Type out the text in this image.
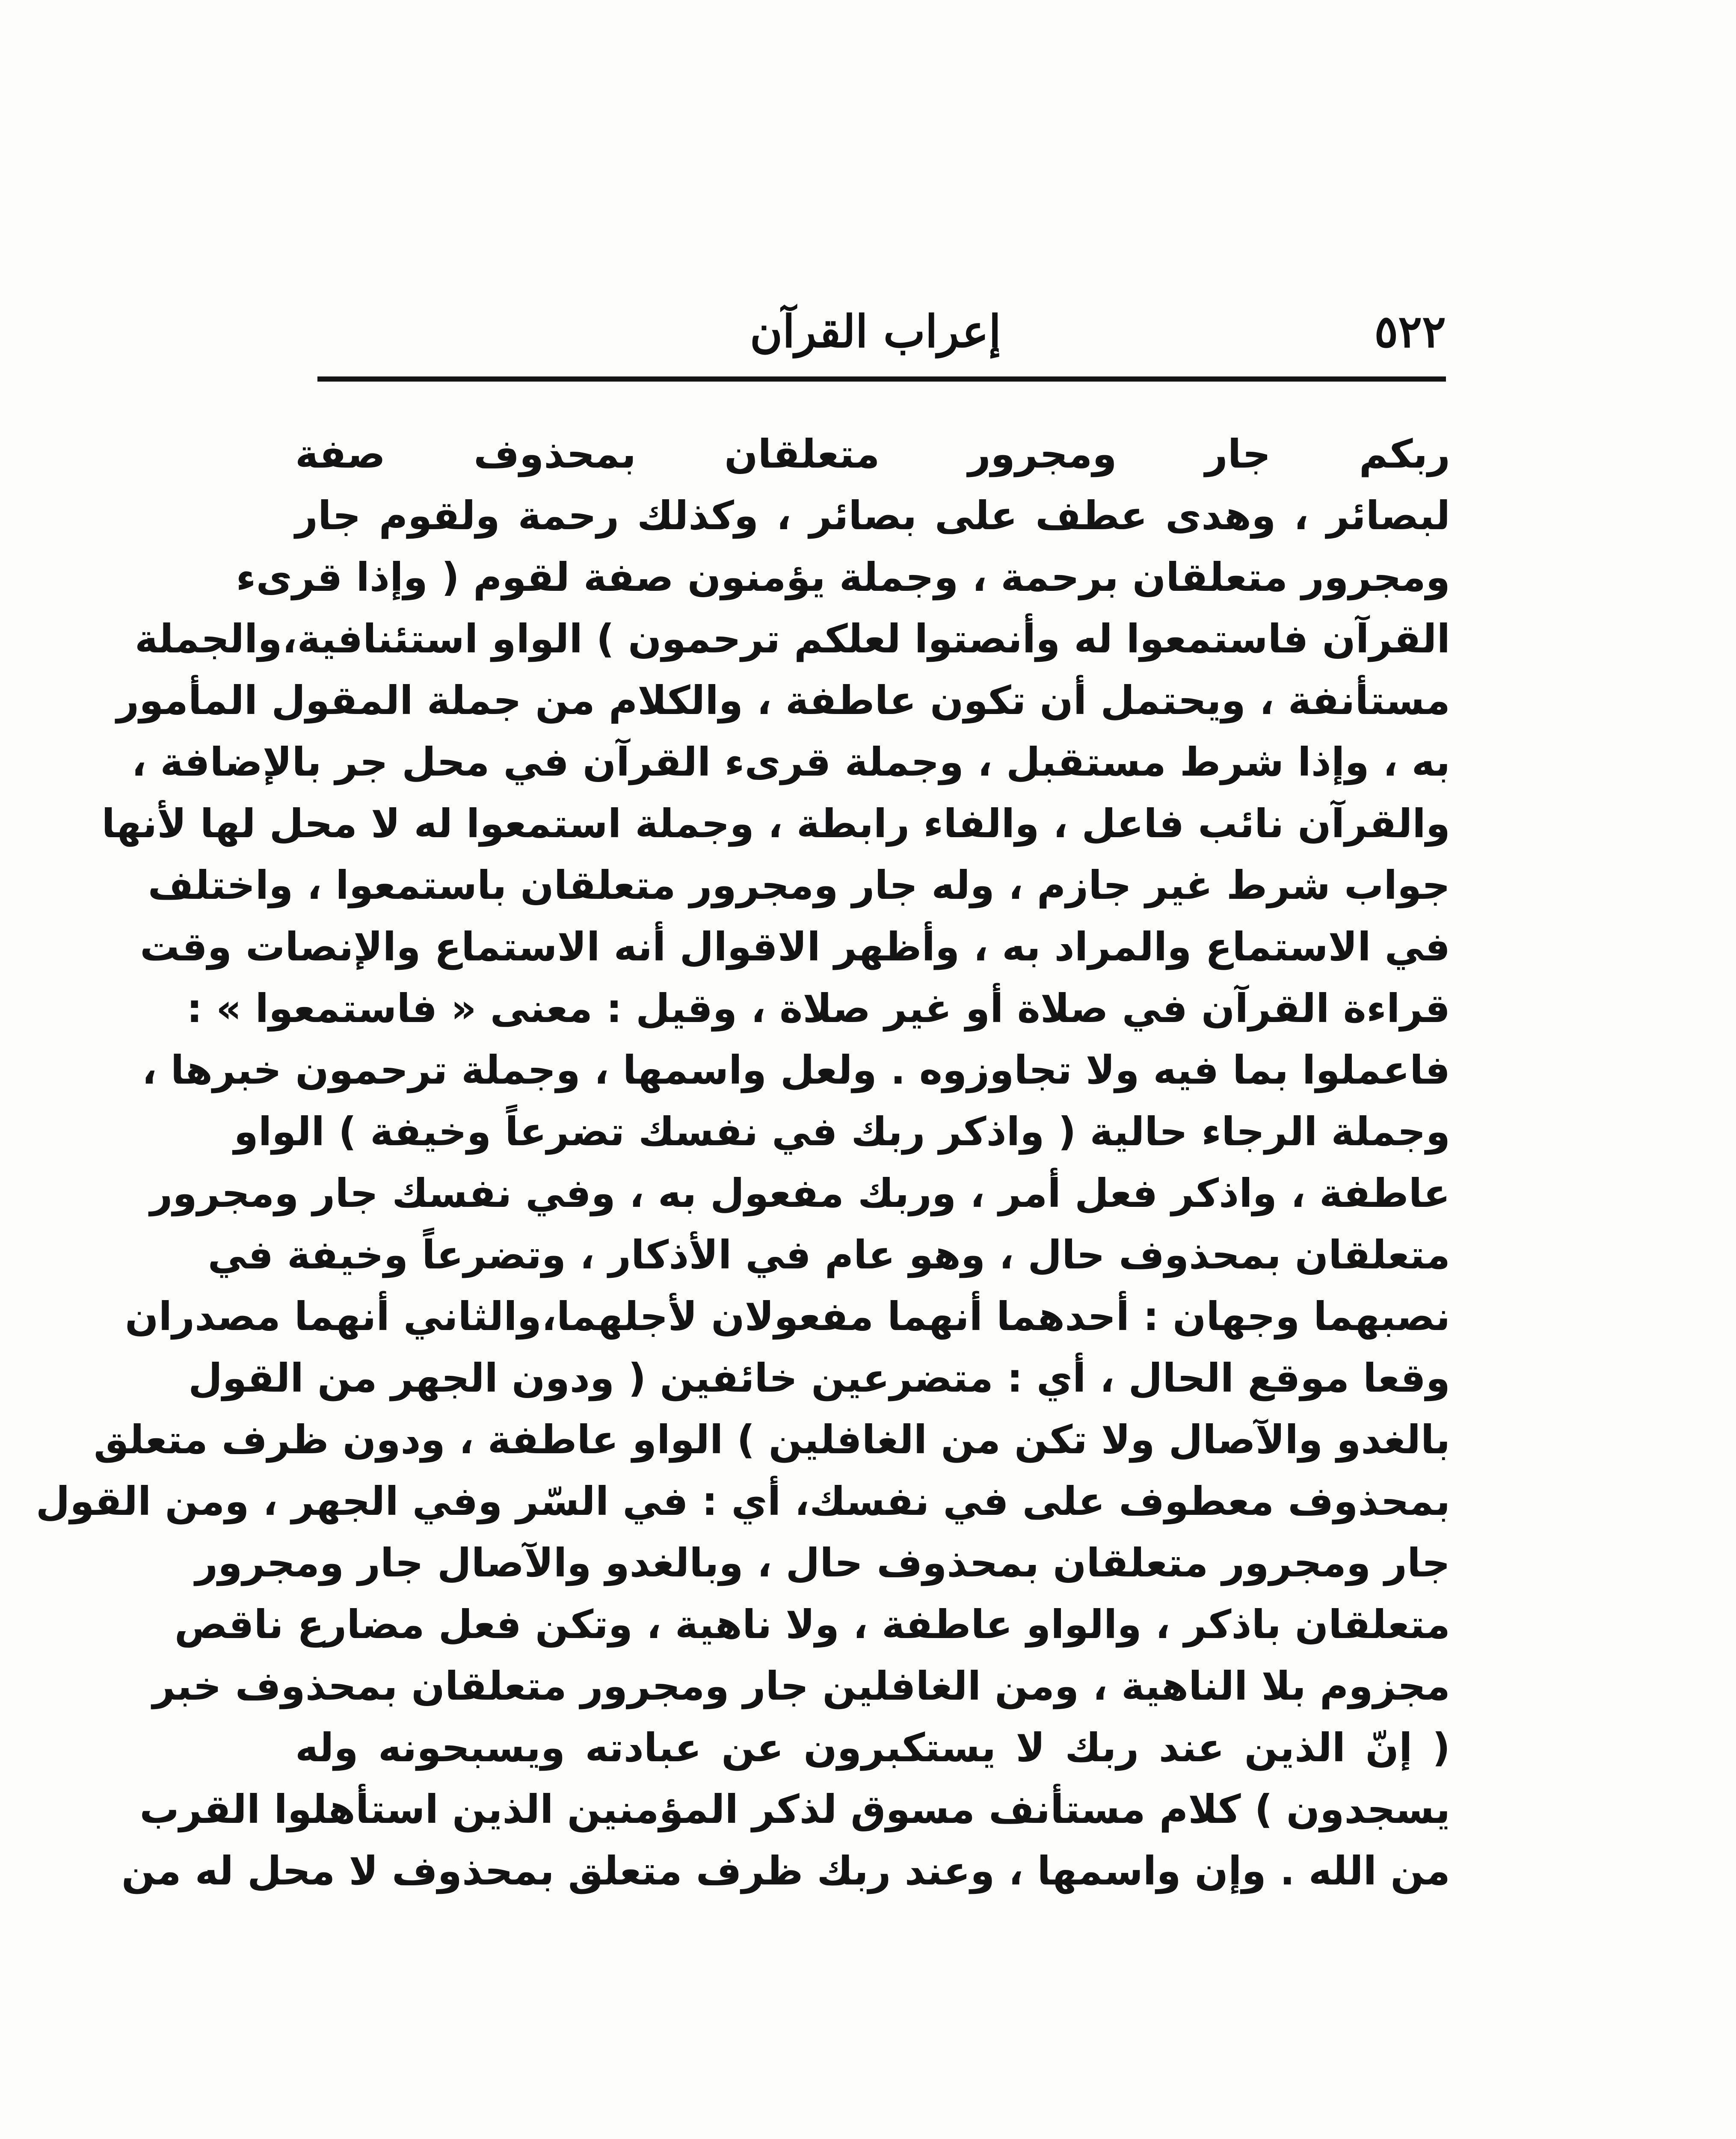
٥٢٢
إعراب القرآن
ربكم جار ومجرور متعلقان بمحذوف صفة
لبصائر ، وهدى عطف على بصائر ، وكذلك رحمة ولقوم جار
ومجرور متعلقان برحمة ، وجملة يؤمنون صفة لقوم ( وإذا قرىء
القرآن فاستمعوا له وأنصتوا لعلكم ترحمون ) الواو استئنافية،والجملة
مستأنفة ، ويحتمل أن تكون عاطفة ، والكلام من جملة المقول المأمور
به ، وإذا شرط مستقبل ، وجملة قرىء القرآن في محل جر بالإضافة ،
والقرآن نائب فاعل ، والفاء رابطة ، وجملة استمعوا له لا محل لها لأنها
جواب شرط غير جازم ، وله جار ومجرور متعلقان باستمعوا ، واختلف
في الاستماع والمراد به ، وأظهر الاقوال أنه الاستماع والإنصات وقت
قراءة القرآن في صلاة أو غير صلاة ، وقيل : معنى « فاستمعوا » :
فاعملوا بما فيه ولا تجاوزوه . ولعل واسمها ، وجملة ترحمون خبرها ،
وجملة الرجاء حالية ( واذكر ربك في نفسك تضرعاً وخيفة ) الواو
عاطفة ، واذكر فعل أمر ، وربك مفعول به ، وفي نفسك جار ومجرور
متعلقان بمحذوف حال ، وهو عام في الأذكار ، وتضرعاً وخيفة في
نصبهما وجهان : أحدهما أنهما مفعولان لأجلهما،والثاني أنهما مصدران
وقعا موقع الحال ، أي : متضرعين خائفين ( ودون الجهر من القول
بالغدو والآصال ولا تكن من الغافلين ) الواو عاطفة ، ودون ظرف متعلق
بمحذوف معطوف على في نفسك، أي : في السّر وفي الجهر ، ومن القول
جار ومجرور متعلقان بمحذوف حال ، وبالغدو والآصال جار ومجرور
متعلقان باذكر ، والواو عاطفة ، ولا ناهية ، وتكن فعل مضارع ناقص
مجزوم بلا الناهية ، ومن الغافلين جار ومجرور متعلقان بمحذوف خبر
( إنّ الذين عند ربك لا يستكبرون عن عبادته ويسبحونه وله
يسجدون ) كلام مستأنف مسوق لذكر المؤمنين الذين استأهلوا القرب
من الله . وإن واسمها ، وعند ربك ظرف متعلق بمحذوف لا محل له من
